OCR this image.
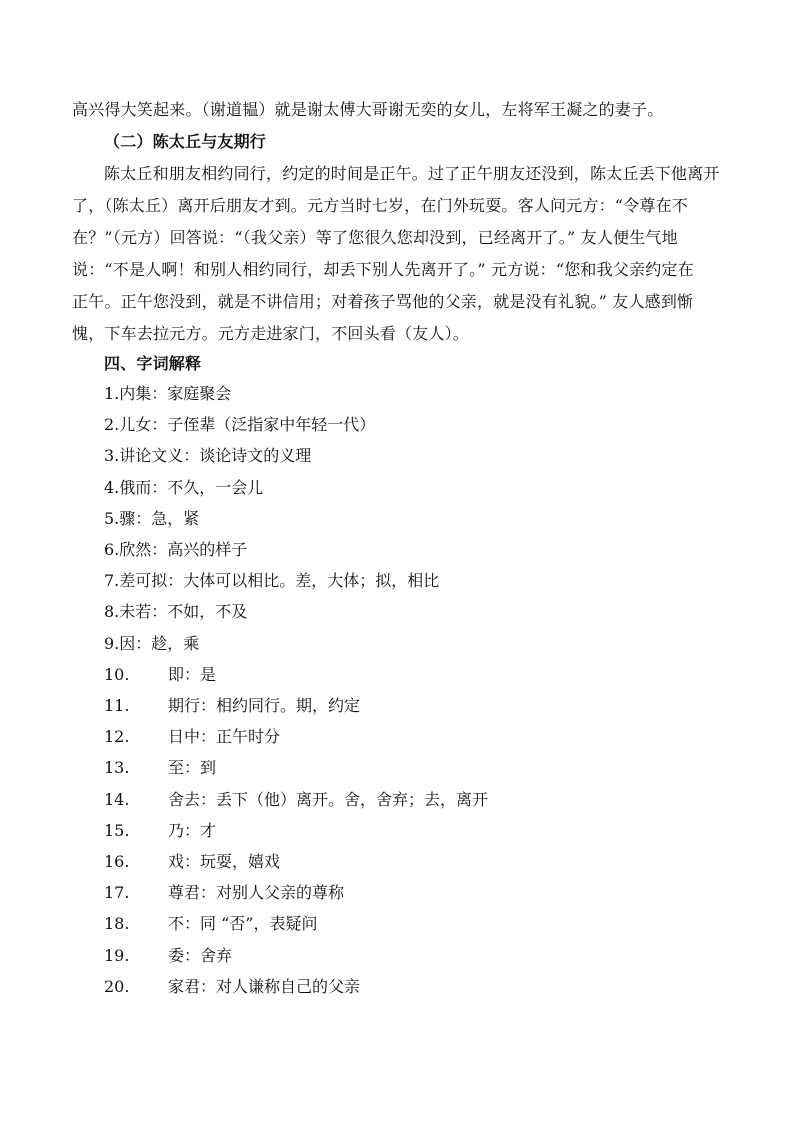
高兴得大笑起来。（谢道韫）就是谢太傅大哥谢无奕的女儿，左将军王凝之的妻子。
（二）陈太丘与友期行
陈太丘和朋友相约同行，约定的时间是正午。过了正午朋友还没到，陈太丘丢下他离开
了，（陈太丘）离开后朋友才到。元方当时七岁，在门外玩耍。客人问元方：“令尊在不
在？”（元方）回答说：“（我父亲）等了您很久您却没到，已经离开了。” 友人便生气地
说：“不是人啊！和别人相约同行，却丢下别人先离开了。” 元方说：“您和我父亲约定在
正午。正午您没到，就是不讲信用；对着孩子骂他的父亲，就是没有礼貌。” 友人感到惭
愧，下车去拉元方。元方走进家门，不回头看（友人）。
四、字词解释
1.内集：家庭聚会
2.儿女：子侄辈（泛指家中年轻一代）
3.讲论文义：谈论诗文的义理
4.俄而：不久，一会儿
5.骤：急，紧
6.欣然：高兴的样子
7.差可拟：大体可以相比。差，大体；拟，相比
8.未若：不如，不及
9.因：趁，乘
10. 即：是
11. 期行：相约同行。期，约定
12. 日中：正午时分
13. 至：到
14. 舍去：丢下（他）离开。舍，舍弃；去，离开
15. 乃：才
16. 戏：玩耍，嬉戏
17. 尊君：对别人父亲的尊称
18. 不：同 “否”，表疑问
19. 委：舍弃
20. 家君：对人谦称自己的父亲
